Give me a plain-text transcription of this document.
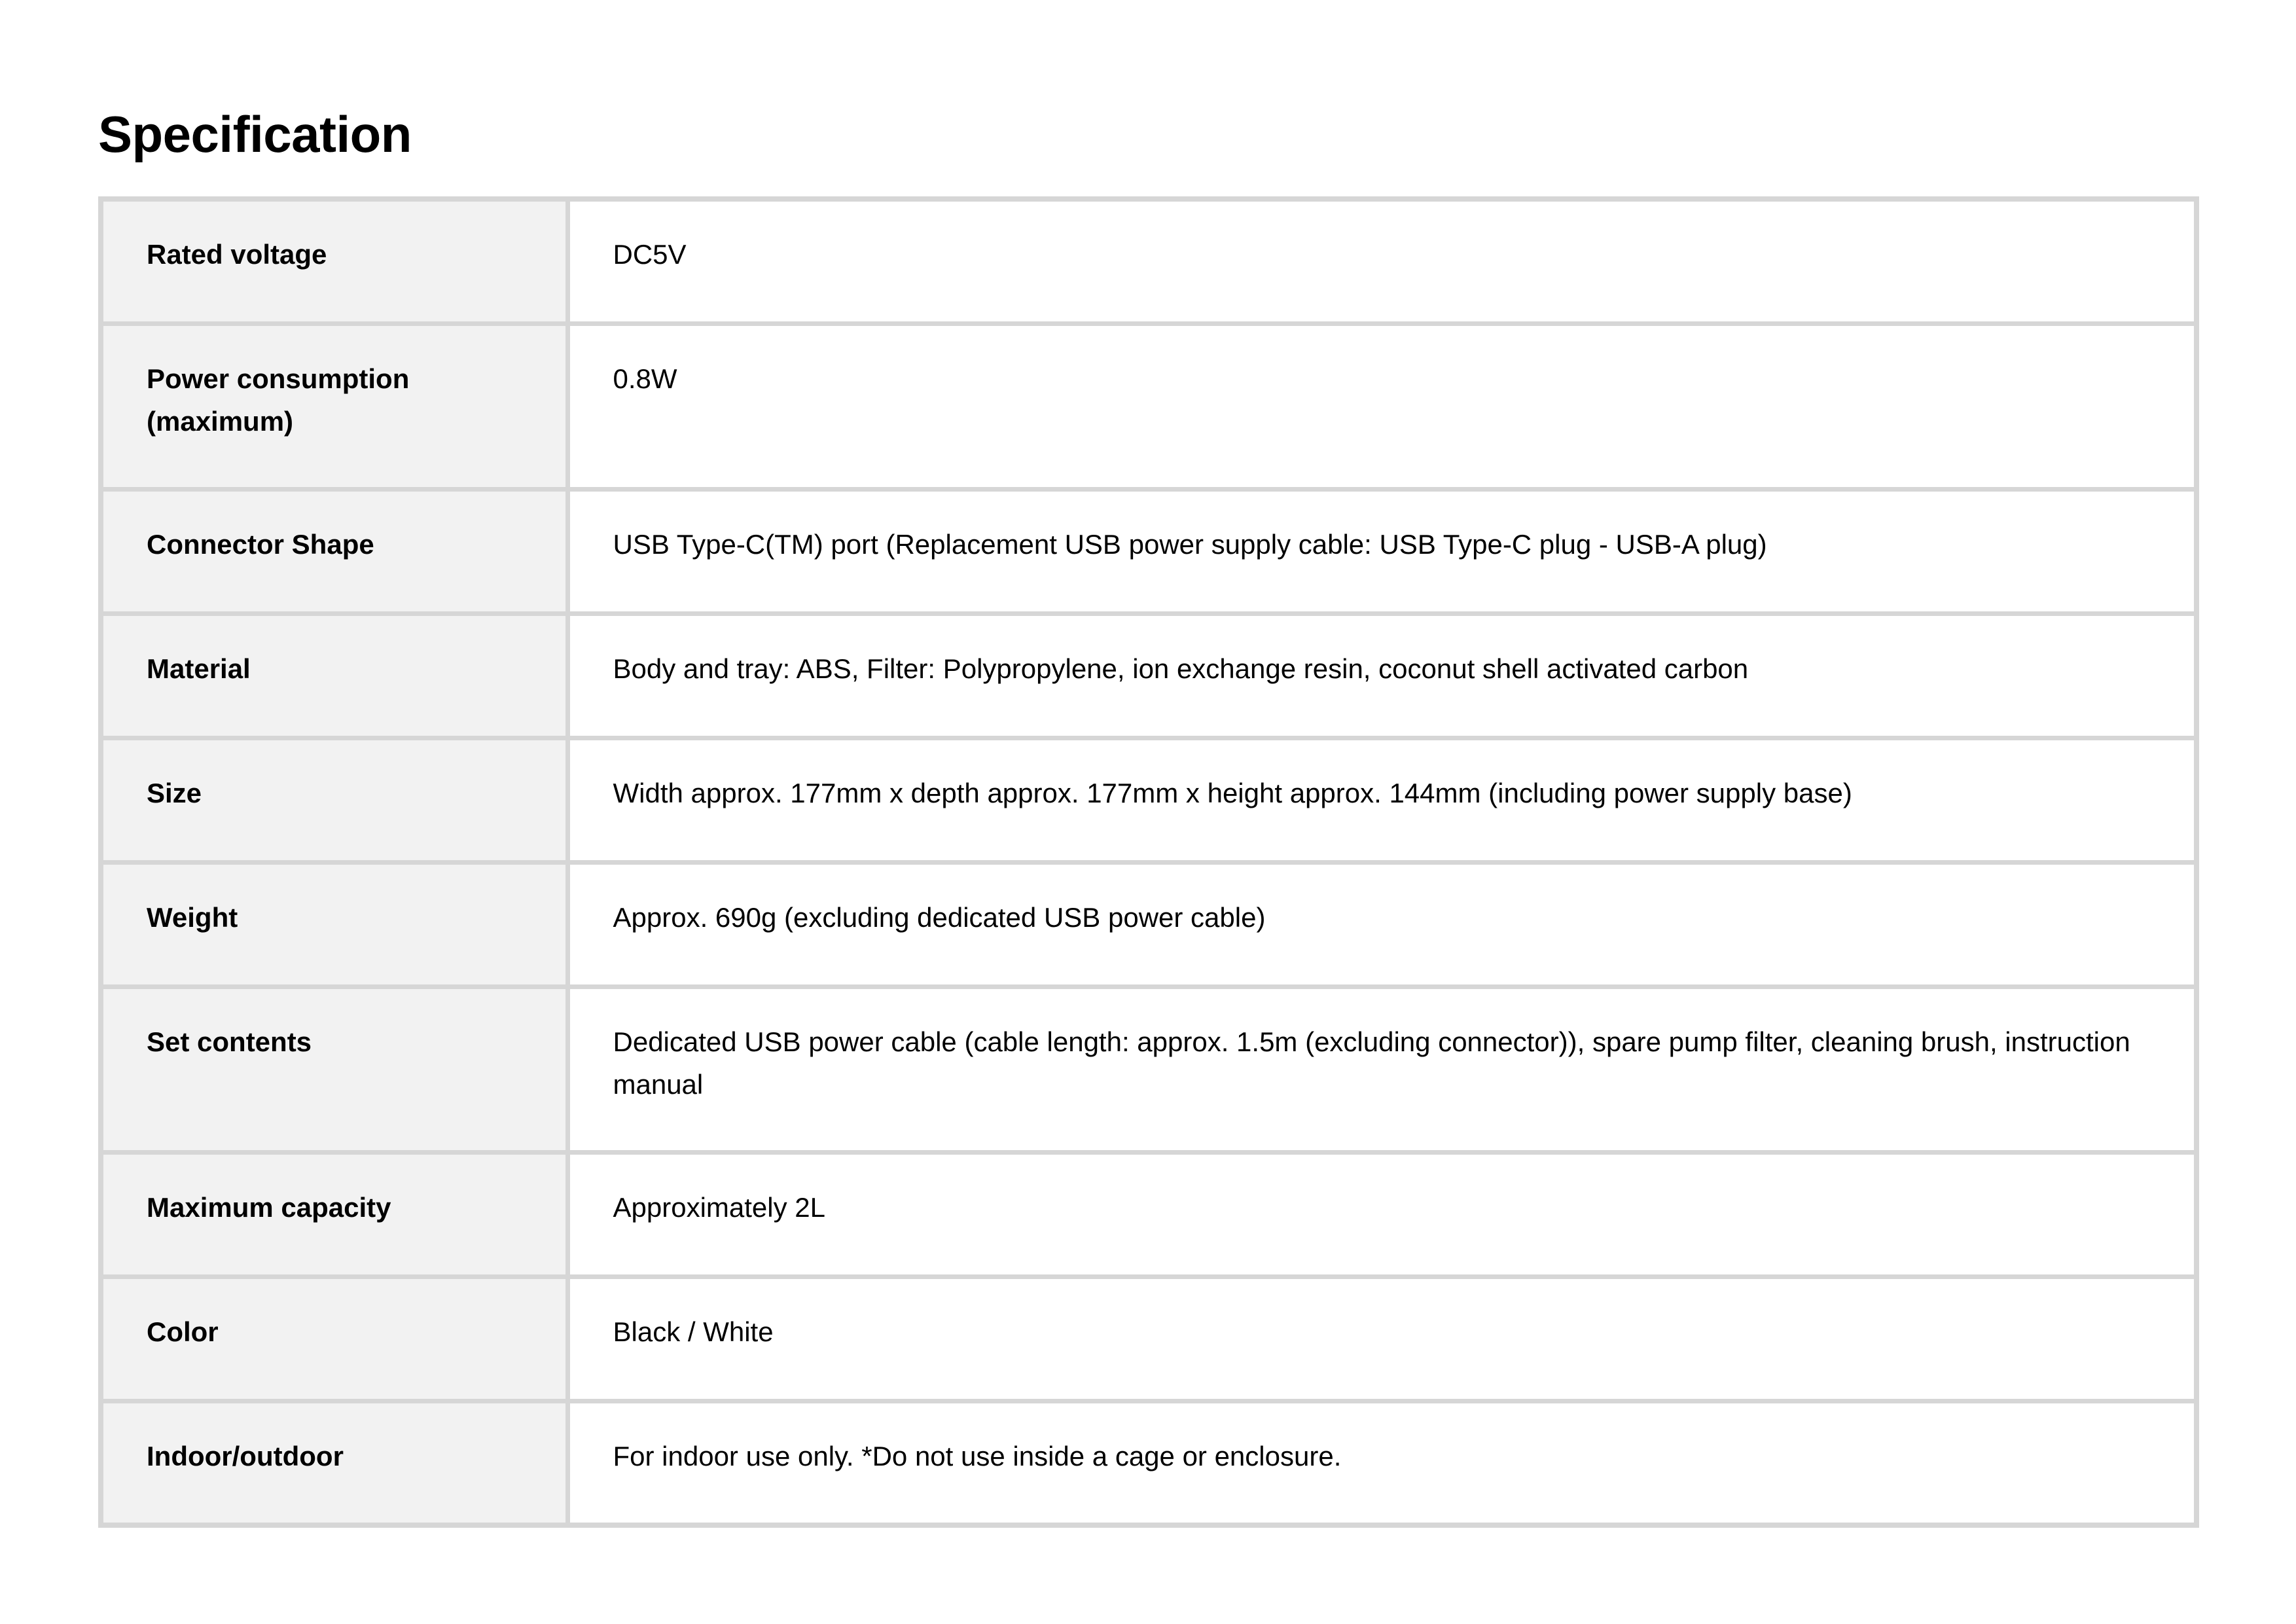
Specification
Rated voltage	DC5V
Power consumption (maximum)	0.8W
Connector Shape	USB Type-C(TM) port (Replacement USB power supply cable: USB Type-C plug - USB-A plug)
Material	Body and tray: ABS, Filter: Polypropylene, ion exchange resin, coconut shell activated carbon
Size	Width approx. 177mm x depth approx. 177mm x height approx. 144mm (including power supply base)
Weight	Approx. 690g (excluding dedicated USB power cable)
Set contents	Dedicated USB power cable (cable length: approx. 1.5m (excluding connector)), spare pump filter, cleaning brush, instruction manual
Maximum capacity	Approximately 2L
Color	Black / White
Indoor/outdoor	For indoor use only. *Do not use inside a cage or enclosure.
